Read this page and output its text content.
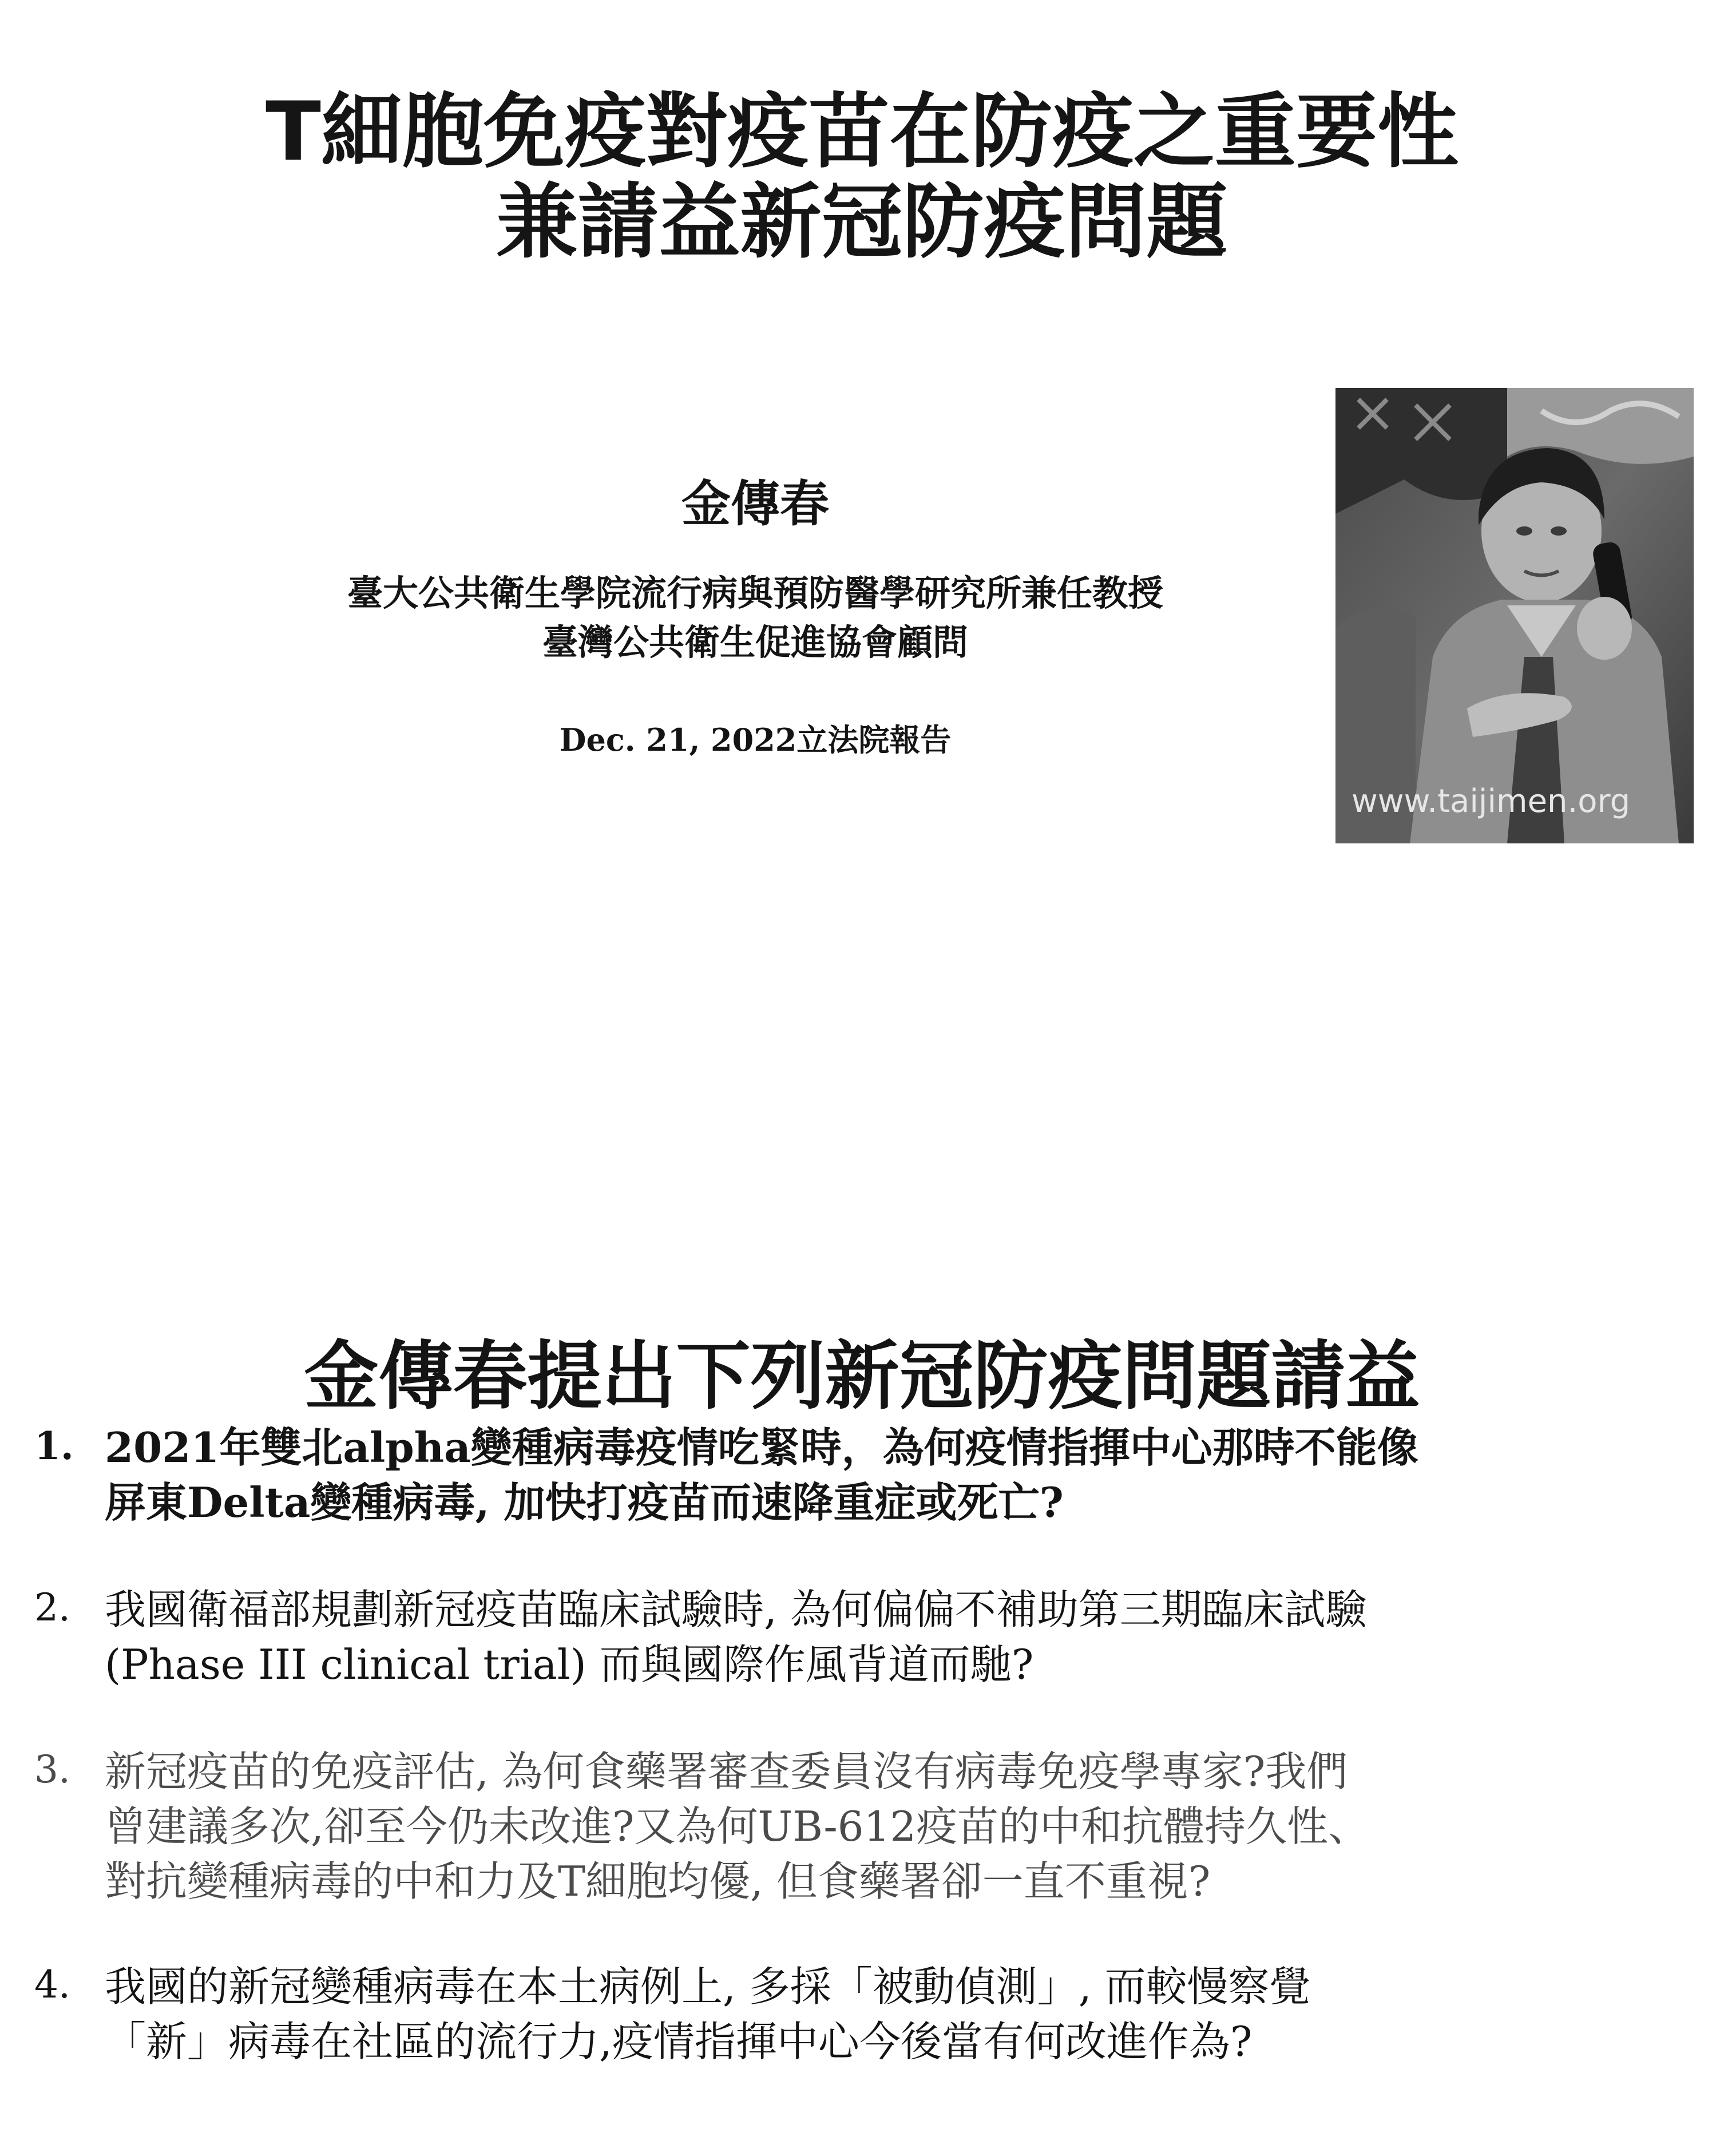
T細胞免疫對疫苗在防疫之重要性
兼請益新冠防疫問題
金傳春
臺大公共衛生學院流行病與預防醫學研究所兼任教授
臺灣公共衛生促進協會顧問
Dec. 21, 2022立法院報告
www.taijimen.org
金傳春提出下列新冠防疫問題請益
1. 2021年雙北alpha變種病毒疫情吃緊時，為何疫情指揮中心那時不能像
屏東Delta變種病毒, 加快打疫苗而速降重症或死亡?
2. 我國衛福部規劃新冠疫苗臨床試驗時, 為何偏偏不補助第三期臨床試驗
(Phase III clinical trial) 而與國際作風背道而馳?
3. 新冠疫苗的免疫評估, 為何食藥署審查委員沒有病毒免疫學專家?我們
曾建議多次,卻至今仍未改進?又為何UB-612疫苗的中和抗體持久性、
對抗變種病毒的中和力及T細胞均優, 但食藥署卻一直不重視?
4. 我國的新冠變種病毒在本土病例上, 多採「被動偵測」, 而較慢察覺
「新」病毒在社區的流行力,疫情指揮中心今後當有何改進作為?
